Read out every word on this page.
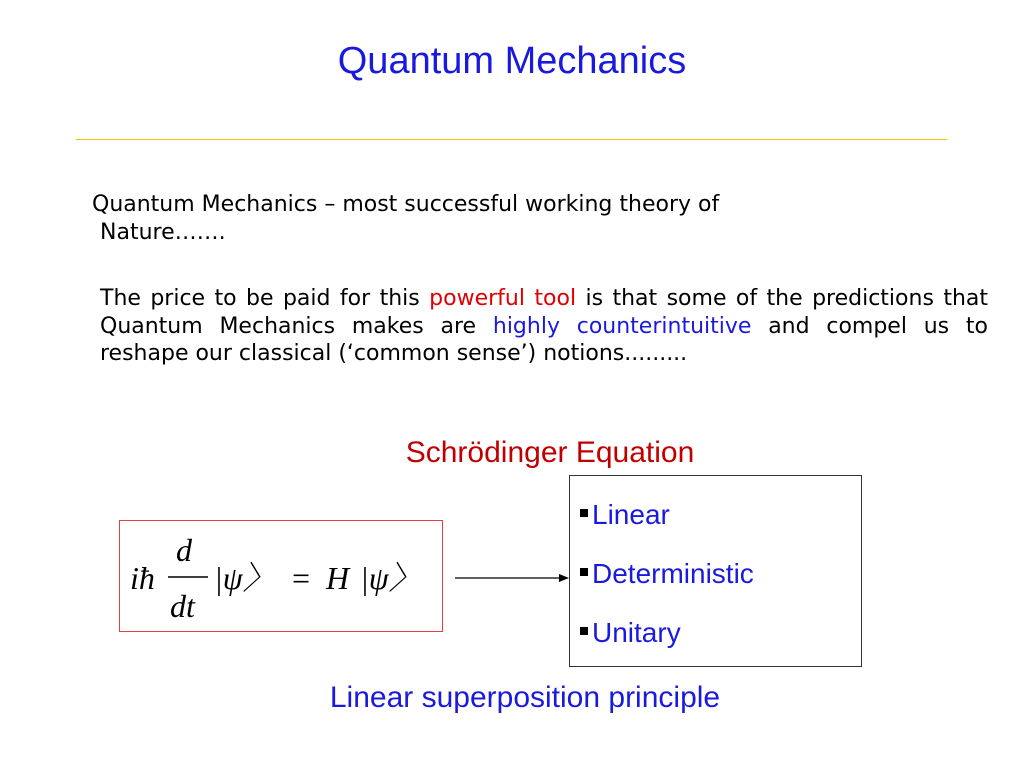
Quantum Mechanics
Quantum Mechanics – most successful working theory of
Nature…….
The price to be paid for this powerful tool is that some of the predictions that Quantum Mechanics makes are highly counterintuitive and compel us to reshape our classical (‘common sense’) notions.........
Schrödinger Equation
iħ
d
dt
|ψ〉 = H |ψ〉
Linear
Deterministic
Unitary
Linear superposition principle
